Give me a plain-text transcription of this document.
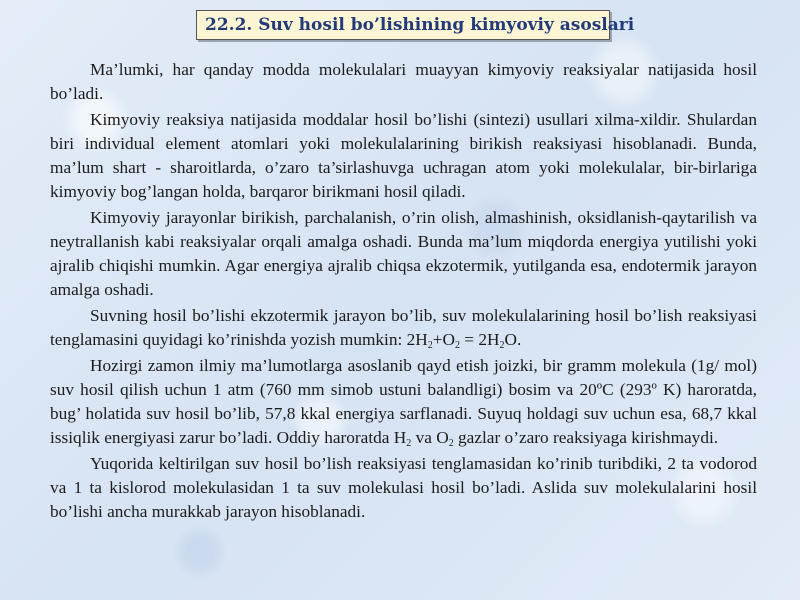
22.2. Suv hosil bo’lishining kimyoviy asoslari

Ma’lumki, har qanday modda molekulalari muayyan kimyoviy reaksiyalar natijasida hosil bo’ladi.

Kimyoviy reaksiya natijasida moddalar hosil bo’lishi (sintezi) usullari xilma-xildir. Shulardan biri individual element atomlari yoki molekulalarining birikish reaksiyasi hisoblanadi. Bunda, ma’lum shart - sharoitlarda, o’zaro ta’sirlashuvga uchragan atom yoki molekulalar, bir-birlariga kimyoviy bog’langan holda, barqaror birikmani hosil qiladi.

Kimyoviy jarayonlar birikish, parchalanish, o’rin olish, almashinish, oksidlanish-qaytarilish va neytrallanish kabi reaksiyalar orqali amalga oshadi. Bunda ma’lum miqdorda energiya yutilishi yoki ajralib chiqishi mumkin. Agar energiya ajralib chiqsa ekzotermik, yutilganda esa, endotermik jarayon amalga oshadi.

Suvning hosil bo’lishi ekzotermik jarayon bo’lib, suv molekulalarining hosil bo’lish reaksiyasi tenglamasini quyidagi ko’rinishda yozish mumkin: $2H_2+O_2 = 2H_2O$.

Hozirgi zamon ilmiy ma’lumotlarga asoslanib qayd etish joizki, bir gramm molekula (1g/ mol) suv hosil qilish uchun 1 atm (760 mm simob ustuni balandligi) bosim va 20ºC (293º K) haroratda, bug’ holatida suv hosil bo’lib, 57,8 kkal energiya sarflanadi. Suyuq holdagi suv uchun esa, 68,7 kkal issiqlik energiyasi zarur bo’ladi. Oddiy haroratda $H_2$ va $O_2$ gazlar o’zaro reaksiyaga kirishmaydi.

Yuqorida keltirilgan suv hosil bo’lish reaksiyasi tenglamasidan ko’rinib turibdiki, 2 ta vodorod va 1 ta kislorod molekulasidan 1 ta suv molekulasi hosil bo’ladi. Aslida suv molekulalarini hosil bo’lishi ancha murakkab jarayon hisoblanadi.
